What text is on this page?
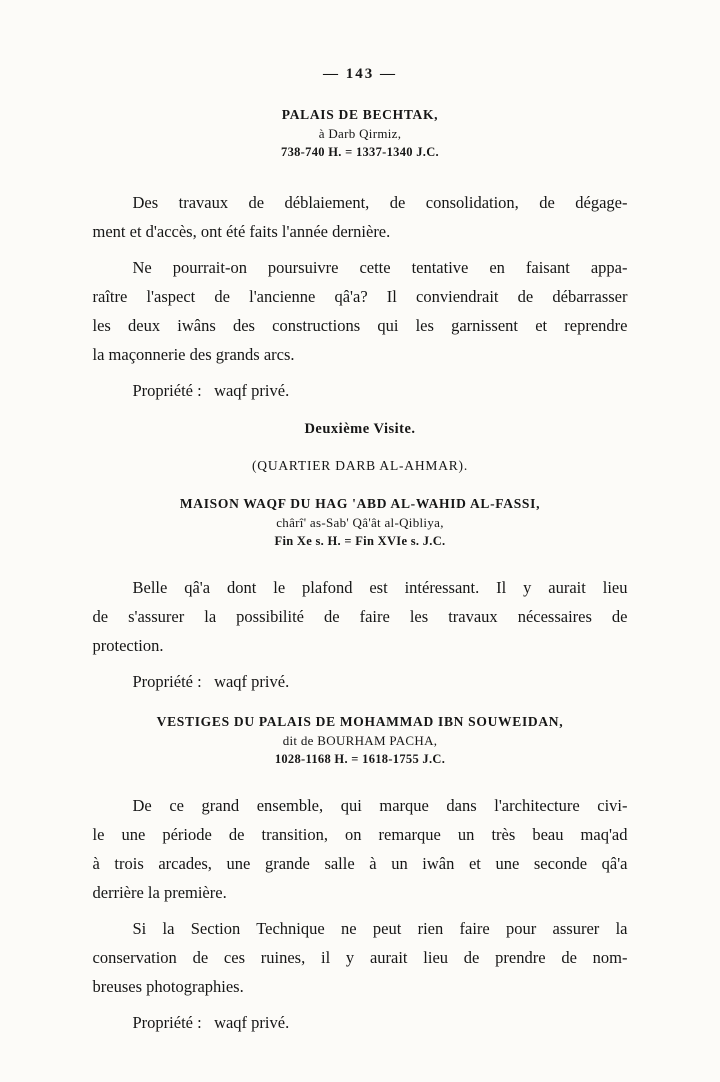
— 143 —
PALAIS DE BECHTAK,
à Darb Qirmiz,
738-740 H. = 1337-1340 J.C.
Des travaux de déblaiement, de consolidation, de dégage-
ment et d'accès, ont été faits l'année dernière.
Ne pourrait-on poursuivre cette tentative en faisant appa-
raître l'aspect de l'ancienne qâ'a? Il conviendrait de débarrasser
les deux iwâns des constructions qui les garnissent et reprendre
la maçonnerie des grands arcs.
Propriété :   waqf privé.
Deuxième Visite.
(QUARTIER DARB AL-AHMAR).
MAISON WAQF DU HAG 'ABD AL-WAHID AL-FASSI,
chârî' as-Sab' Qâ'ât al-Qibliya,
Fin Xe s. H. = Fin XVIe s. J.C.
Belle qâ'a dont le plafond est intéressant. Il y aurait lieu
de s'assurer la possibilité de faire les travaux nécessaires de
protection.
Propriété :   waqf privé.
VESTIGES DU PALAIS DE MOHAMMAD IBN SOUWEIDAN,
dit de BOURHAM PACHA,
1028-1168 H. = 1618-1755 J.C.
De ce grand ensemble, qui marque dans l'architecture civi-
le une période de transition, on remarque un très beau maq'ad
à trois arcades, une grande salle à un iwân et une seconde qâ'a
derrière la première.
Si la Section Technique ne peut rien faire pour assurer la
conservation de ces ruines, il y aurait lieu de prendre de nom-
breuses photographies.
Propriété :   waqf privé.
